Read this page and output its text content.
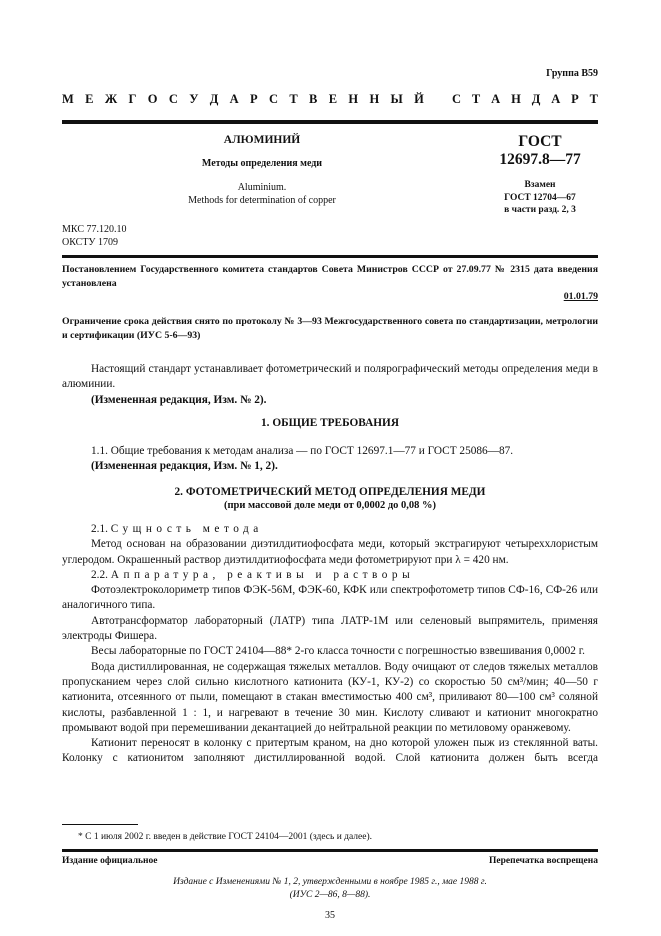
Группа В59
М Е Ж Г О С У Д А Р С Т В Е Н Н Ы Й С Т А Н Д А Р Т
АЛЮМИНИЙ
Методы определения меди
Aluminium.
Methods for determination of copper
ГОСТ
12697.8—77
Взамен
ГОСТ 12704—67
в части разд. 2, 3
МКС 77.120.10
ОКСТУ 1709
Постановлением Государственного комитета стандартов Совета Министров СССР от 27.09.77 № 2315 дата введения установлена
01.01.79
Ограничение срока действия снято по протоколу № 3—93 Межгосударственного совета по стандартизации, метрологии и сертификации (ИУС 5-6—93)

Настоящий стандарт устанавливает фотометрический и полярографический методы определения меди в алюминии.

(Измененная редакция, Изм. № 2).

1. ОБЩИЕ ТРЕБОВАНИЯ

1.1. Общие требования к методам анализа — по ГОСТ 12697.1—77 и ГОСТ 25086—87.

(Измененная редакция, Изм. № 1, 2).

2. ФОТОМЕТРИЧЕСКИЙ МЕТОД ОПРЕДЕЛЕНИЯ МЕДИ
(при массовой доле меди от 0,0002 до 0,08 %)

2.1. Сущность метода

Метод основан на образовании диэтилдитиофосфата меди, который экстрагируют четыреххлористым углеродом. Окрашенный раствор диэтилдитиофосфата меди фотометрируют при λ = 420 нм.

2.2. Аппаратура, реактивы и растворы

Фотоэлектроколориметр типов ФЭК-56М, ФЭК-60, КФК или спектрофотометр типов СФ-16, СФ-26 или аналогичного типа.

Автотрансформатор лабораторный (ЛАТР) типа ЛАТР-1М или селеновый выпрямитель, применяя электроды Фишера.

Весы лабораторные по ГОСТ 24104—88* 2-го класса точности с погрешностью взвешивания 0,0002 г.

Вода дистиллированная, не содержащая тяжелых металлов. Воду очищают от следов тяжелых металлов пропусканием через слой сильно кислотного катионита (КУ-1, КУ-2) со скоростью 50 см³/мин; 40—50 г катионита, отсеянного от пыли, помещают в стакан вместимостью 400 см³, приливают 80—100 см³ соляной кислоты, разбавленной 1 : 1, и нагревают в течение 30 мин. Кислоту сливают и катионит многократно промывают водой при перемешивании декантацией до нейтральной реакции по метиловому оранжевому.

Катионит переносят в колонку с притертым краном, на дно которой уложен пыж из стеклянной ваты. Колонку с катионитом заполняют дистиллированной водой. Слой катионита должен быть всегда

* С 1 июля 2002 г. введен в действие ГОСТ 24104—2001 (здесь и далее).
Издание официальное	Перепечатка воспрещена
Издание с Изменениями № 1, 2, утвержденными в ноябре 1985 г., мае 1988 г.
(ИУС 2—86, 8—88).
35
